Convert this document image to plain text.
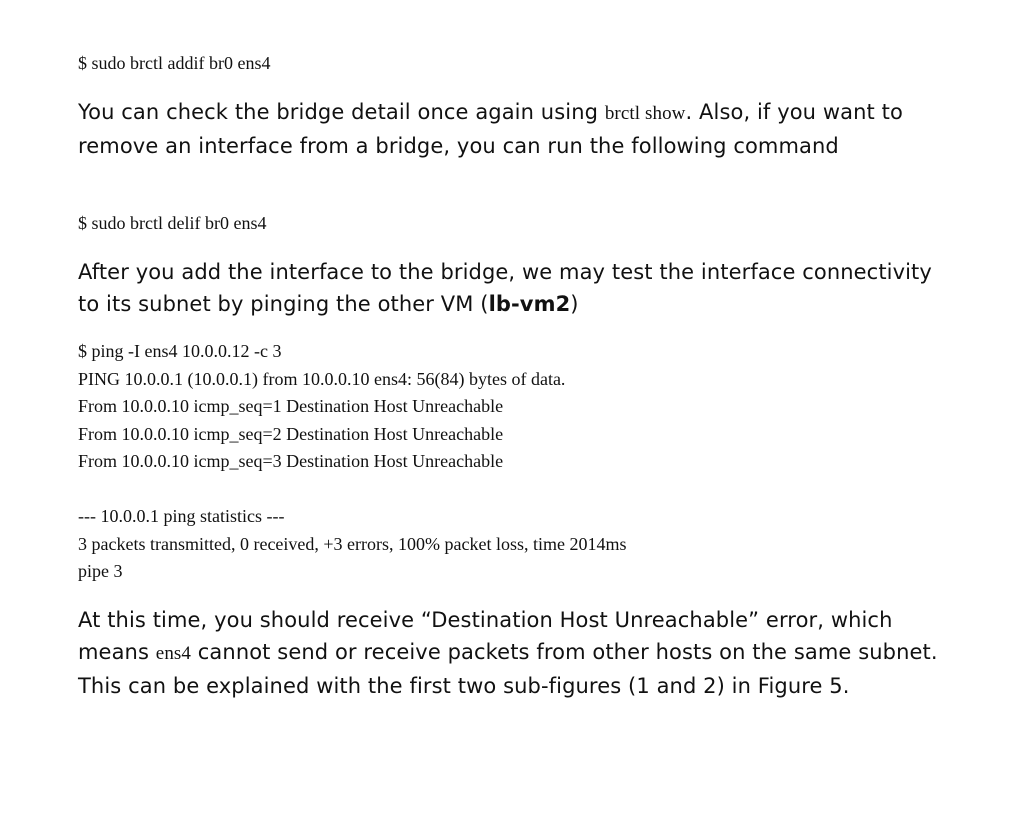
$ sudo brctl addif br0 ens4

You can check the bridge detail once again using brctl show. Also, if you want to remove an interface from a bridge, you can run the following command

$ sudo brctl delif br0 ens4

After you add the interface to the bridge, we may test the interface connectivity to its subnet by pinging the other VM (lb-vm2)

$ ping -I ens4 10.0.0.12 -c 3
PING 10.0.0.1 (10.0.0.1) from 10.0.0.10 ens4: 56(84) bytes of data.
From 10.0.0.10 icmp_seq=1 Destination Host Unreachable
From 10.0.0.10 icmp_seq=2 Destination Host Unreachable
From 10.0.0.10 icmp_seq=3 Destination Host Unreachable

--- 10.0.0.1 ping statistics ---
3 packets transmitted, 0 received, +3 errors, 100% packet loss, time 2014ms
pipe 3

At this time, you should receive “Destination Host Unreachable” error, which means ens4 cannot send or receive packets from other hosts on the same subnet. This can be explained with the first two sub-figures (1 and 2) in Figure 5.
